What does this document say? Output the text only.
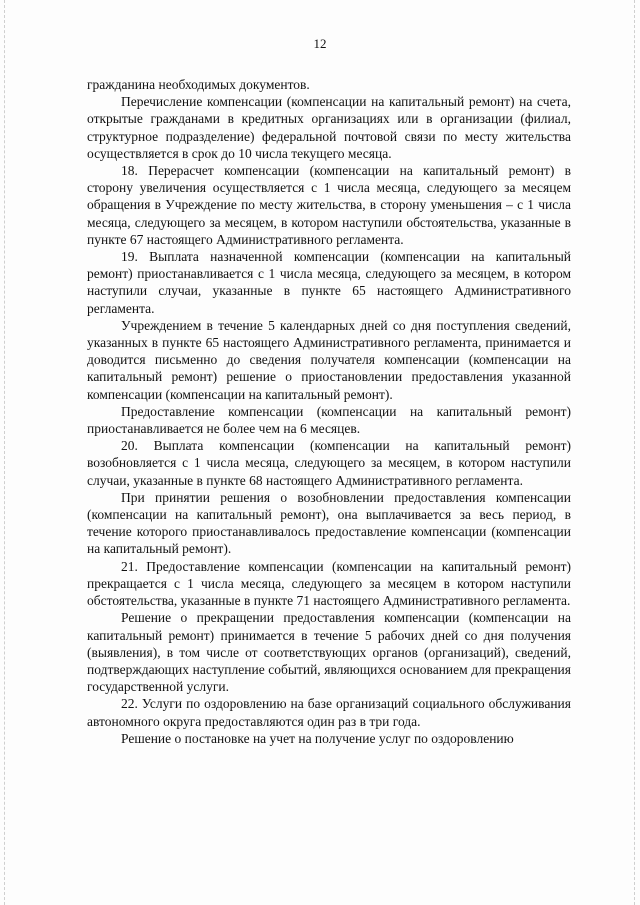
12

гражданина необходимых документов.

Перечисление компенсации (компенсации на капитальный ремонт) на счета, открытые гражданами в кредитных организациях или в организации (филиал, структурное подразделение) федеральной почтовой связи по месту жительства осуществляется в срок до 10 числа текущего месяца.

18. Перерасчет компенсации (компенсации на капитальный ремонт) в сторону увеличения осуществляется с 1 числа месяца, следующего за месяцем обращения в Учреждение по месту жительства, в сторону уменьшения – с 1 числа месяца, следующего за месяцем, в котором наступили обстоятельства, указанные в пункте 67 настоящего Административного регламента.

19. Выплата назначенной компенсации (компенсации на капитальный ремонт) приостанавливается с 1 числа месяца, следующего за месяцем, в котором наступили случаи, указанные в пункте 65 настоящего Административного регламента.

Учреждением в течение 5 календарных дней со дня поступления сведений, указанных в пункте 65 настоящего Административного регламента, принимается и доводится письменно до сведения получателя компенсации (компенсации на капитальный ремонт) решение о приостановлении предоставления указанной компенсации (компенсации на капитальный ремонт).

Предоставление компенсации (компенсации на капитальный ремонт) приостанавливается не более чем на 6 месяцев.

20. Выплата компенсации (компенсации на капитальный ремонт) возобновляется с 1 числа месяца, следующего за месяцем, в котором наступили случаи, указанные в пункте 68 настоящего Административного регламента.

При принятии решения о возобновлении предоставления компенсации (компенсации на капитальный ремонт), она выплачивается за весь период, в течение которого приостанавливалось предоставление компенсации (компенсации на капитальный ремонт).

21. Предоставление компенсации (компенсации на капитальный ремонт) прекращается с 1 числа месяца, следующего за месяцем в котором наступили обстоятельства, указанные в пункте 71 настоящего Административного регламента.

Решение о прекращении предоставления компенсации (компенсации на капитальный ремонт) принимается в течение 5 рабочих дней со дня получения (выявления), в том числе от соответствующих органов (организаций), сведений, подтверждающих наступление событий, являющихся основанием для прекращения государственной услуги.

22. Услуги по оздоровлению на базе организаций социального обслуживания автономного округа предоставляются один раз в три года.

Решение о постановке на учет на получение услуг по оздоровлению
